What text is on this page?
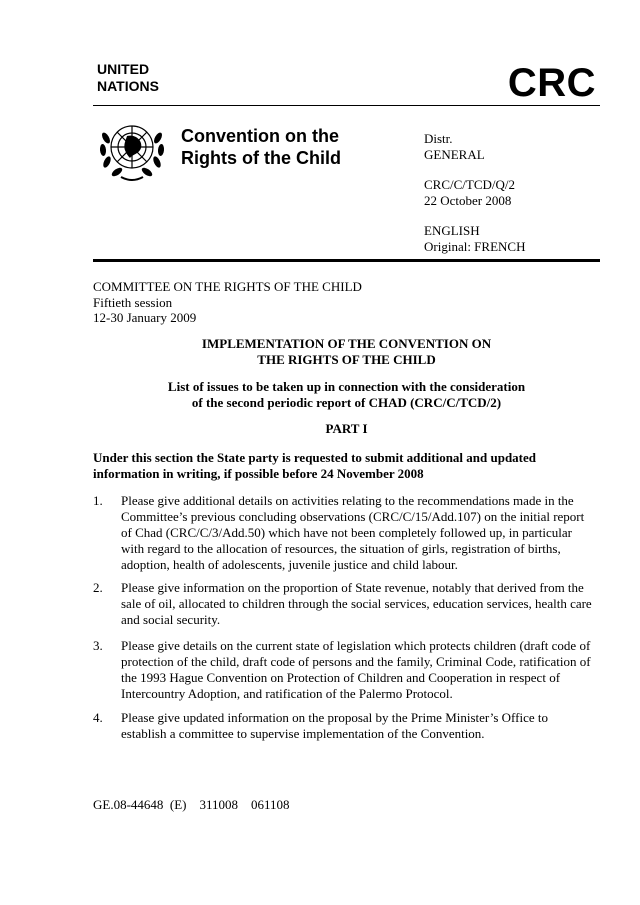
UNITED
NATIONS	CRC
Convention on the
Rights of the Child
Distr.
GENERAL
CRC/C/TCD/Q/2
22 October 2008
ENGLISH
Original: FRENCH
COMMITTEE ON THE RIGHTS OF THE CHILD
Fiftieth session
12-30 January 2009
IMPLEMENTATION OF THE CONVENTION ON
THE RIGHTS OF THE CHILD
List of issues to be taken up in connection with the consideration
of the second periodic report of CHAD (CRC/C/TCD/2)
PART I
Under this section the State party is requested to submit additional and updated
information in writing, if possible before 24 November 2008
1. Please give additional details on activities relating to the recommendations made in the
Committee’s previous concluding observations (CRC/C/15/Add.107) on the initial report
of Chad (CRC/C/3/Add.50) which have not been completely followed up, in particular
with regard to the allocation of resources, the situation of girls, registration of births,
adoption, health of adolescents, juvenile justice and child labour.
2. Please give information on the proportion of State revenue, notably that derived from the
sale of oil, allocated to children through the social services, education services, health care
and social security.
3. Please give details on the current state of legislation which protects children (draft code of
protection of the child, draft code of persons and the family, Criminal Code, ratification of
the 1993 Hague Convention on Protection of Children and Cooperation in respect of
Intercountry Adoption, and ratification of the Palermo Protocol.
4. Please give updated information on the proposal by the Prime Minister’s Office to
establish a committee to supervise implementation of the Convention.
GE.08-44648  (E)    311008    061108
